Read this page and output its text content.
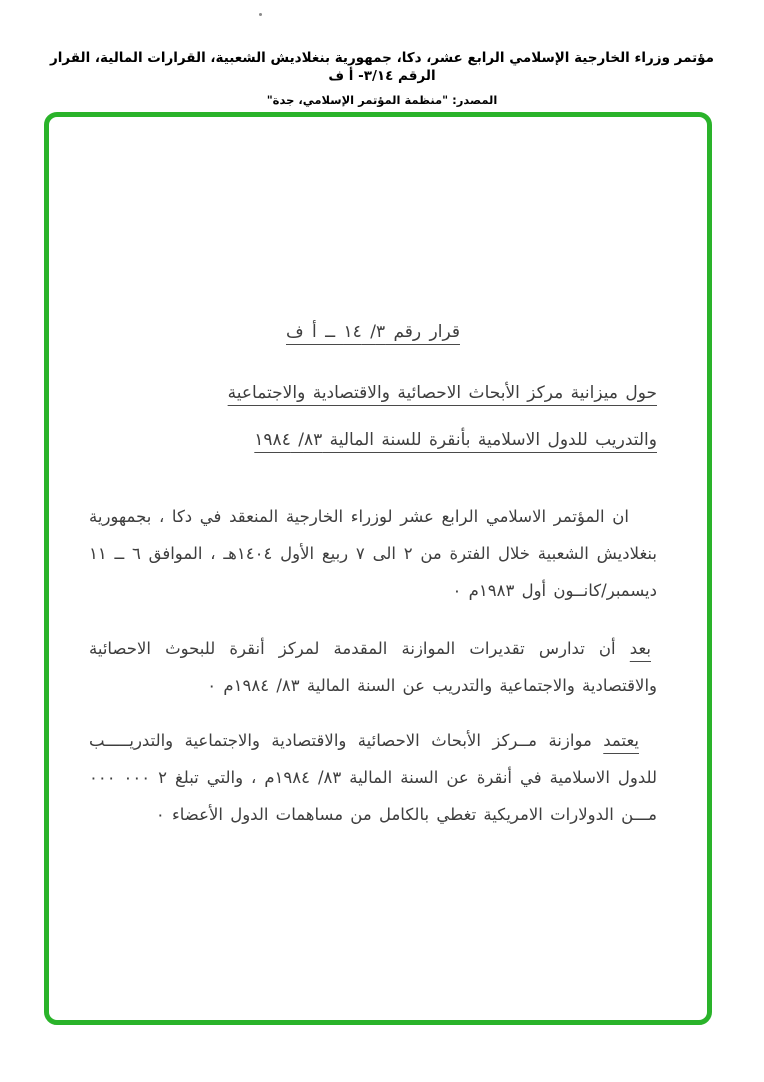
مؤتمر وزراء الخارجية الإسلامي الرابع عشر، دكا، جمهورية بنغلاديش الشعبية، القرارات المالية، القرار الرقم ٣/١٤- أ ف
المصدر: "منظمة المؤتمر الإسلامي، جدة"
قرار رقم ٣/ ١٤ ــ أ ف
حول ميزانية مركز الأبحاث الاحصائية والاقتصادية والاجتماعية
والتدريب للدول الاسلامية بأنقرة للسنة المالية ٨٣/ ١٩٨٤

ان المؤتمر الاسلامي الرابع عشر لوزراء الخارجية المنعقد في دكا ، بجمهورية بنغلاديش الشعبية خلال الفترة من ٢ الى ٧ ربيع الأول ١٤٠٤هـ ، الموافق ٦ ــ ١١ ديسمبر/كانــون أول ١٩٨٣م ٠

بعد أن تدارس تقديرات الموازنة المقدمة لمركز أنقرة للبحوث الاحصائية والاقتصادية والاجتماعية والتدريب عن السنة المالية ٨٣/ ١٩٨٤م ٠

يعتمد موازنة مــركز الأبحاث الاحصائية والاقتصادية والاجتماعية والتدريـــــب للدول الاسلامية في أنقرة عن السنة المالية ٨٣/ ١٩٨٤م ، والتي تبلغ ٠٠٠ ٠٠٠ ٢ مـــن الدولارات الامريكية تغطي بالكامل من مساهمات الدول الأعضاء ٠
